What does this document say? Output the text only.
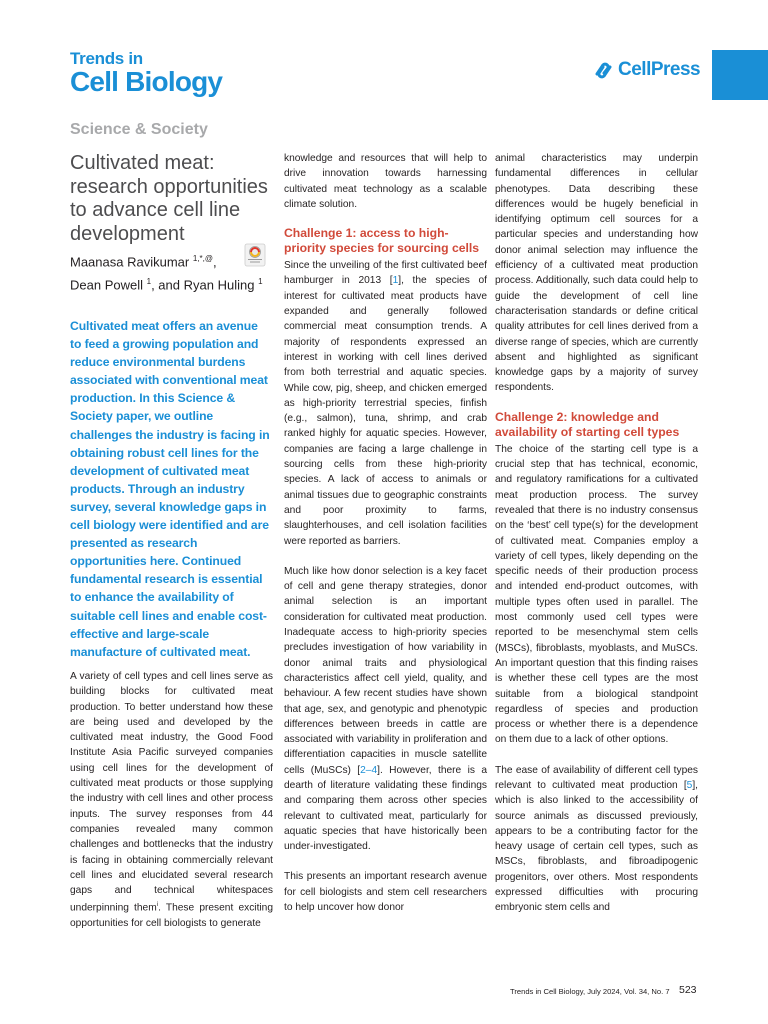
Trends in
Cell Biology	CellPress
Science & Society
Cultivated meat: research opportunities to advance cell line development
Maanasa Ravikumar $^{1,*,@}$,
Dean Powell $^1$, and Ryan Huling $^1$
Cultivated meat offers an avenue to feed a growing population and reduce environmental burdens associated with conventional meat production. In this Science & Society paper, we outline challenges the industry is facing in obtaining robust cell lines for the development of cultivated meat products. Through an industry survey, several knowledge gaps in cell biology were identified and are presented as research opportunities here. Continued fundamental research is essential to enhance the availability of suitable cell lines and enable cost-effective and large-scale manufacture of cultivated meat.

A variety of cell types and cell lines serve as building blocks for cultivated meat production. To better understand how these are being used and developed by the cultivated meat industry, the Good Food Institute Asia Pacific surveyed companies using cell lines for the development of cultivated meat products or those supplying the industry with cell lines and other process inputs. The survey responses from 44 companies revealed many common challenges and bottlenecks that the industry is facing in obtaining commercially relevant cell lines and elucidated several research gaps and technical whitespaces underpinning them$^i$. These present exciting opportunities for cell biologists to generate

knowledge and resources that will help to drive innovation towards harnessing cultivated meat technology as a scalable climate solution.

Challenge 1: access to high-priority species for sourcing cells

Since the unveiling of the first cultivated beef hamburger in 2013 [1], the species of interest for cultivated meat products have expanded and generally followed commercial meat consumption trends. A majority of respondents expressed an interest in working with cell lines derived from both terrestrial and aquatic species. While cow, pig, sheep, and chicken emerged as high-priority terrestrial species, finfish (e.g., salmon), tuna, shrimp, and crab ranked highly for aquatic species. However, companies are facing a large challenge in sourcing cells from these high-priority species. A lack of access to animals or animal tissues due to geographic constraints and poor proximity to farms, slaughterhouses, and cell isolation facilities were reported as barriers.

Much like how donor selection is a key facet of cell and gene therapy strategies, donor animal selection is an important consideration for cultivated meat production. Inadequate access to high-priority species precludes investigation of how variability in donor animal traits and physiological characteristics affect cell yield, quality, and behaviour. A few recent studies have shown that age, sex, and genotypic and phenotypic differences between breeds in cattle are associated with variability in proliferation and differentiation capacities in muscle satellite cells (MuSCs) [2–4]. However, there is a dearth of literature validating these findings and comparing them across other species relevant to cultivated meat, particularly for aquatic species that have historically been under-investigated.

This presents an important research avenue for cell biologists and stem cell researchers to help uncover how donor

animal characteristics may underpin fundamental differences in cellular phenotypes. Data describing these differences would be hugely beneficial in identifying optimum cell sources for a particular species and understanding how donor animal selection may influence the efficiency of a cultivated meat production process. Additionally, such data could help to guide the development of cell line characterisation standards or define critical quality attributes for cell lines derived from a diverse range of species, which are currently absent and highlighted as significant knowledge gaps by a majority of survey respondents.

Challenge 2: knowledge and availability of starting cell types

The choice of the starting cell type is a crucial step that has technical, economic, and regulatory ramifications for a cultivated meat production process. The survey revealed that there is no industry consensus on the ‘best’ cell type(s) for the development of cultivated meat. Companies employ a variety of cell types, likely depending on the specific needs of their production process and intended end-product outcomes, with multiple types often used in parallel. The most commonly used cell types were reported to be mesenchymal stem cells (MSCs), fibroblasts, myoblasts, and MuSCs. An important question that this finding raises is whether these cell types are the most suitable from a biological standpoint regardless of species and production process or whether there is a dependence on them due to a lack of other options.

The ease of availability of different cell types relevant to cultivated meat production [5], which is also linked to the accessibility of source animals as discussed previously, appears to be a contributing factor for the heavy usage of certain cell types, such as MSCs, fibroblasts, and fibroadipogenic progenitors, over others. Most respondents expressed difficulties with procuring embryonic stem cells and

Trends in Cell Biology, July 2024, Vol. 34, No. 7 523
